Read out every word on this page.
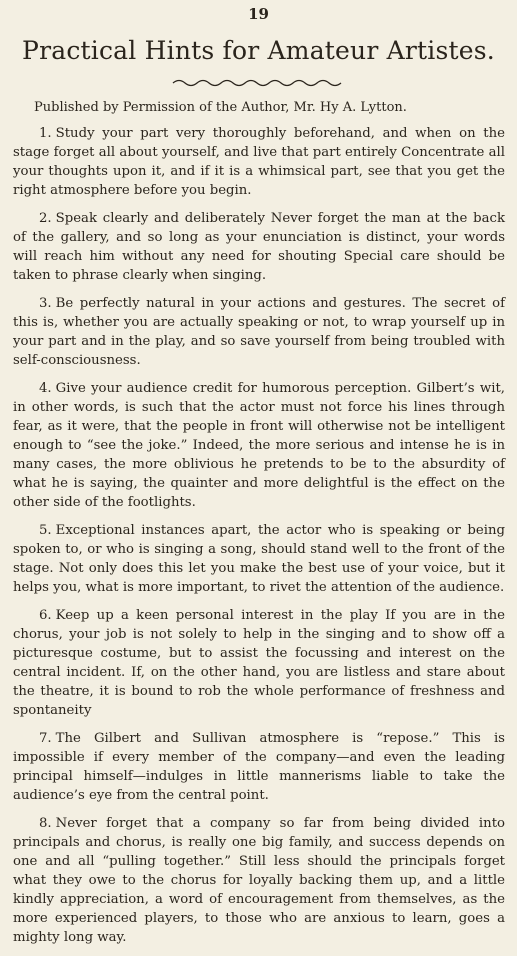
19
Practical Hints for Amateur Artistes.
Published by Permission of the Author, Mr. Hy A. Lytton.

1. Study your part very thoroughly beforehand, and when on the stage forget all about yourself, and live that part entirely Concentrate all your thoughts upon it, and if it is a whimsical part, see that you get the right atmosphere before you begin.

2. Speak clearly and deliberately Never forget the man at the back of the gallery, and so long as your enunciation is distinct, your words will reach him without any need for shouting Special care should be taken to phrase clearly when singing.

3. Be perfectly natural in your actions and gestures. The secret of this is, whether you are actually speaking or not, to wrap yourself up in your part and in the play, and so save yourself from being troubled with self-consciousness.

4. Give your audience credit for humorous perception. Gilbert’s wit, in other words, is such that the actor must not force his lines through fear, as it were, that the people in front will otherwise not be intelligent enough to “see the joke.” Indeed, the more serious and intense he is in many cases, the more oblivious he pretends to be to the absurdity of what he is saying, the quainter and more delightful is the effect on the other side of the footlights.

5. Exceptional instances apart, the actor who is speaking or being spoken to, or who is singing a song, should stand well to the front of the stage. Not only does this let you make the best use of your voice, but it helps you, what is more important, to rivet the attention of the audience.

6. Keep up a keen personal interest in the play If you are in the chorus, your job is not solely to help in the singing and to show off a picturesque costume, but to assist the focussing and interest on the central incident. If, on the other hand, you are listless and stare about the theatre, it is bound to rob the whole performance of freshness and spontaneity

7. The Gilbert and Sullivan atmosphere is “repose.” This is impossible if every member of the company—and even the leading principal himself—indulges in little mannerisms liable to take the audience’s eye from the central point.

8. Never forget that a company so far from being divided into principals and chorus, is really one big family, and success depends on one and all “pulling together.” Still less should the principals forget what they owe to the chorus for loyally backing them up, and a little kindly appreciation, a word of encouragement from themselves, as the more experienced players, to those who are anxious to learn, goes a mighty long way.
